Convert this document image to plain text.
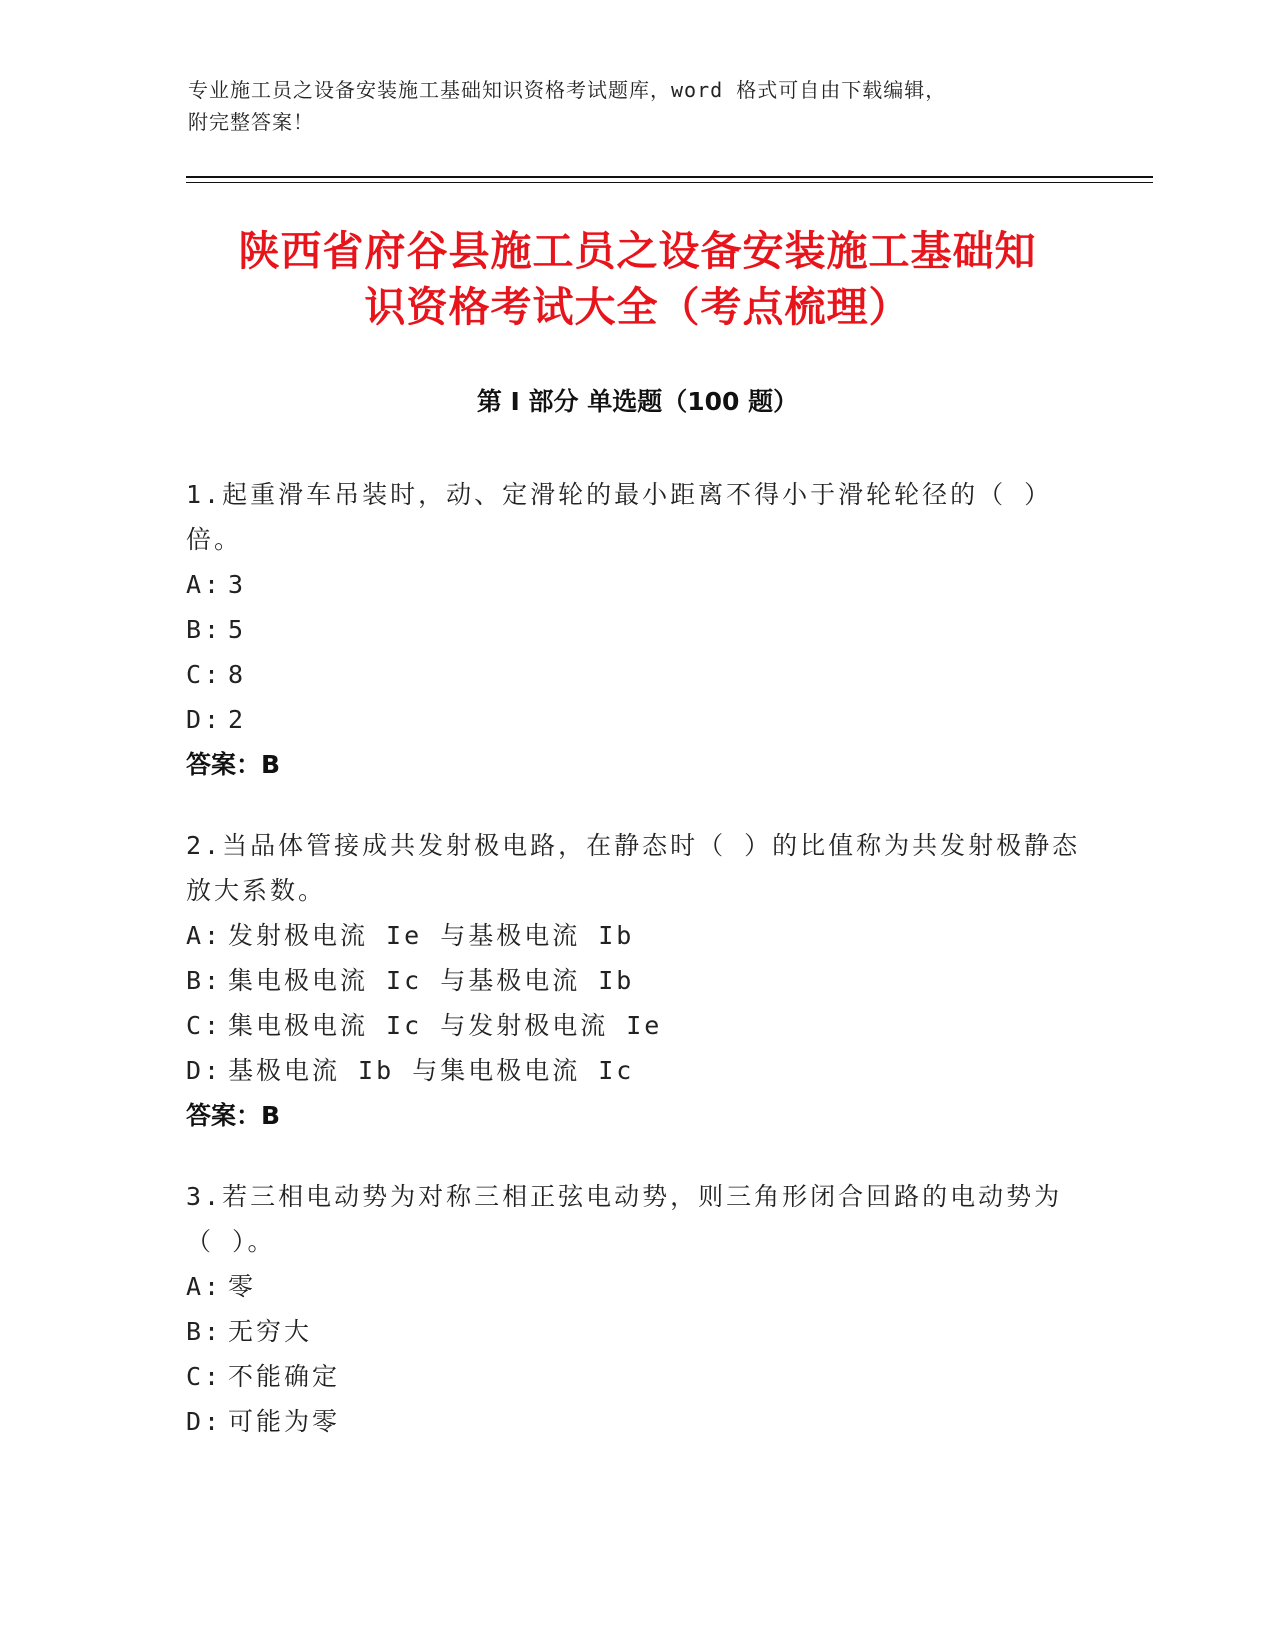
专业施工员之设备安装施工基础知识资格考试题库，word 格式可自由下载编辑，
附完整答案！
陕西省府谷县施工员之设备安装施工基础知
识资格考试大全（考点梳理）
第 I 部分 单选题（100 题）

1.起重滑车吊装时，动、定滑轮的最小距离不得小于滑轮轮径的（ ）倍。

A: 3

B: 5

C: 8

D: 2

答案：B

2.当品体管接成共发射极电路，在静态时（ ）的比值称为共发射极静态放大系数。

A: 发射极电流 Ie 与基极电流 Ib

B: 集电极电流 Ic 与基极电流 Ib

C: 集电极电流 Ic 与发射极电流 Ie

D: 基极电流 Ib 与集电极电流 Ic

答案：B

3.若三相电动势为对称三相正弦电动势，则三角形闭合回路的电动势为（ ）。

A: 零

B: 无穷大

C: 不能确定

D: 可能为零
